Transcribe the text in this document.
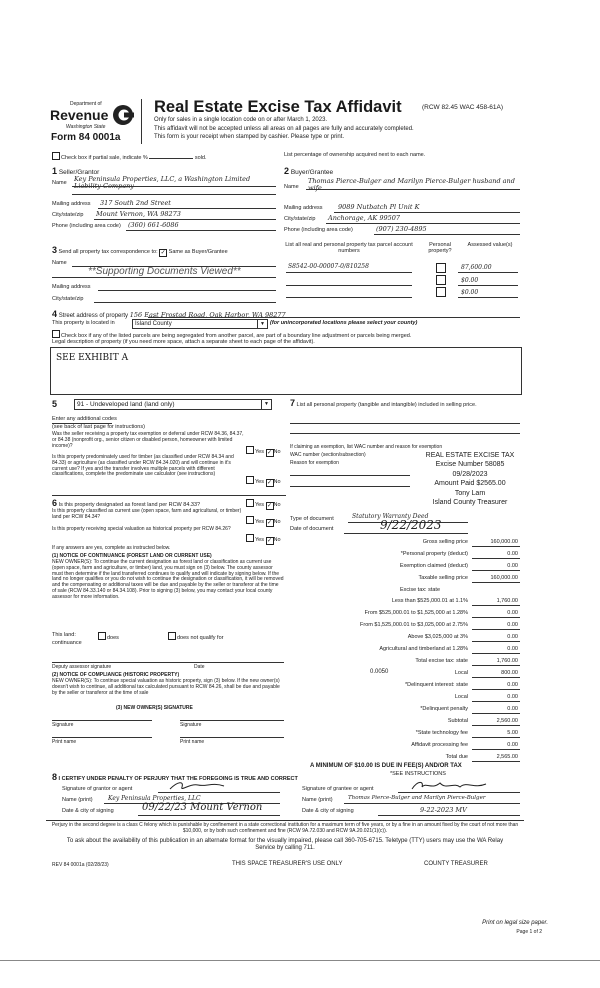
Department of
Revenue
Washington State
Form 84 0001a
Real Estate Excise Tax Affidavit	(RCW 82.45 WAC 458-61A)
Only for sales in a single location code on or after March 1, 2023.
This affidavit will not be accepted unless all areas on all pages are fully and accurately completed.
This form is your receipt when stamped by cashier. Please type or print.
Check box if partial sale, indicate %	sold.	List percentage of ownership acquired next to each name.
1 Seller/Grantor
Name Key Peninsula Properties, LLC, a Washington Limited Liability Company
Mailing address 317 South 2nd Street
City/state/zip Mount Vernon, WA 98273
Phone (including area code) (360) 661-6086
2 Buyer/Grantee
Name
Thomas Pierce-Bulger and Marilyn Pierce-Bulger husband and wife
Mailing address 9089 Nutbatch Pl Unit K
City/state/zip Anchorage, AK 99507
Phone (including area code)	(907) 230-4895
3 Send all property tax correspondence to: ✓ Same as Buyer/Grantee
Name
**Supporting Documents Viewed**
Mailing address
City/state/zip
List all real and personal property tax parcel account numbers
Personal property?
Assessed value(s)
S8542-00-00007-0/810258	87,600.00
$0.00
$0.00
4 Street address of property 156 East Frostad Road, Oak Harbor, WA 98277
This property is located in	Island County	▼ (for unincorporated locations please select your county)
Check box if any of the listed parcels are being segregated from another parcel, are part of a boundary line adjustment or parcels being merged.
Legal description of property (if you need more space, attach a separate sheet to each page of the affidavit).
SEE EXHIBIT A
5	91 - Undeveloped land (land only)	▼
Enter any additional codes
(see back of last page for instructions)
Was the seller receiving a property tax exemption or deferral under RCW 84.36, 84.37, or 84.38 (nonprofit org., senior citizen or disabled person, homeowner with limited income)?
Yes ✓No
Is this property predominately used for timber (as classified under RCW 84.34 and 84.33) or agriculture (as classified under RCW 84.34.020) and will continue in it's current use? If yes and the transfer involves multiple parcels with different classifications, complete the predominate use calculator (see instructions)
Yes ✓No
6 Is this property designated as forest land per RCW 84.33?	Yes ✓No
Is this property classified as current use (open space, farm and agricultural, or timber) land per RCW 84.34?
Yes ✓No
Is this property receiving special valuation as historical property per RCW 84.26?
Yes ✓No
If any answers are yes, complete as instructed below.
(1) NOTICE OF CONTINUANCE (FOREST LAND OR CURRENT USE)
NEW OWNER(S): To continue the current designation as forest land or classification as current use (open space, farm and agriculture, or timber) land, you must sign on (3) below. The county assessor must then determine if the land transferred continues to qualify and will indicate by signing below. If the land no longer qualifies or you do not wish to continue the designation or classification, it will be removed and the compensating or additional taxes will be due and payable by the seller or transferor at the time of sale (RCW 84.33.140 or 84.34.108). Prior to signing (3) below, you may contact your local county assessor for more information.
This land:	does	does not qualify for
continuance
Deputy assessor signature	Date
(2) NOTICE OF COMPLIANCE (HISTORIC PROPERTY)
NEW OWNER(S): To continue special valuation as historic property, sign (3) below. If the new owner(s) doesn't wish to continue, all additional tax calculated pursuant to RCW 84.26, shall be due and payable by the seller or transferor at the time of sale
(3) NEW OWNER(S) SIGNATURE
Signature	Signature
Print name	Print name
7 List all personal property (tangible and intangible) included in selling price.
If claiming an exemption, list WAC number and reason for exemption
WAC number (section/subsection)
Reason for exemption
REAL ESTATE EXCISE TAX
Excise Number 58085
09/28/2023
Amount Paid $2565.00
Tony Lam
Island County Treasurer
Type of document	Statutory Warranty Deed
Date of document	9/22/2023
Gross selling price	160,000.00
*Personal property (deduct)	0.00
Exemption claimed (deduct)	0.00
Taxable selling price	160,000.00
Excise tax: state
Less than $525,000.01 at 1.1%	1,760.00
From $525,000.01 to $1,525,000 at 1.28%	0.00
From $1,525,000.01 to $3,025,000 at 2.75%	0.00
Above $3,025,000 at 3%	0.00
Agricultural and timberland at 1.28%	0.00
Total excise tax: state	1,760.00
0.0050	Local	800.00
*Delinquent interest: state	0.00
Local	0.00
*Delinquent penalty	0.00
Subtotal	2,560.00
*State technology fee	5.00
Affidavit processing fee	0.00
Total due	2,565.00
A MINIMUM OF $10.00 IS DUE IN FEE(S) AND/OR TAX
*SEE INSTRUCTIONS
8 I CERTIFY UNDER PENALTY OF PERJURY THAT THE FOREGOING IS TRUE AND CORRECT
Signature of grantor or agent
Name (print)	Key Peninsula Properties, LLC
Date & city of signing	09/22/23 Mount Vernon
Signature of grantee or agent
Name (print)	Thomas Pierce-Bulger and Marilyn Pierce-Bulger
Date & city of signing	9-22-2023 MV
Perjury in the second degree is a class C felony which is punishable by confinement in a state correctional institution for a maximum term of five years, or by a fine in an amount fixed by the court of not more than $10,000, or by both such confinement and fine (RCW 9A.72.030 and RCW 9A.20.021(1)(c)).
To ask about the availability of this publication in an alternate format for the visually impaired, please call 360-705-6715. Teletype (TTY) users may use the WA Relay Service by calling 711.
REV 84 0001a (02/28/23)	THIS SPACE TREASURER'S USE ONLY	COUNTY TREASURER
Print on legal size paper.
Page 1 of 2
